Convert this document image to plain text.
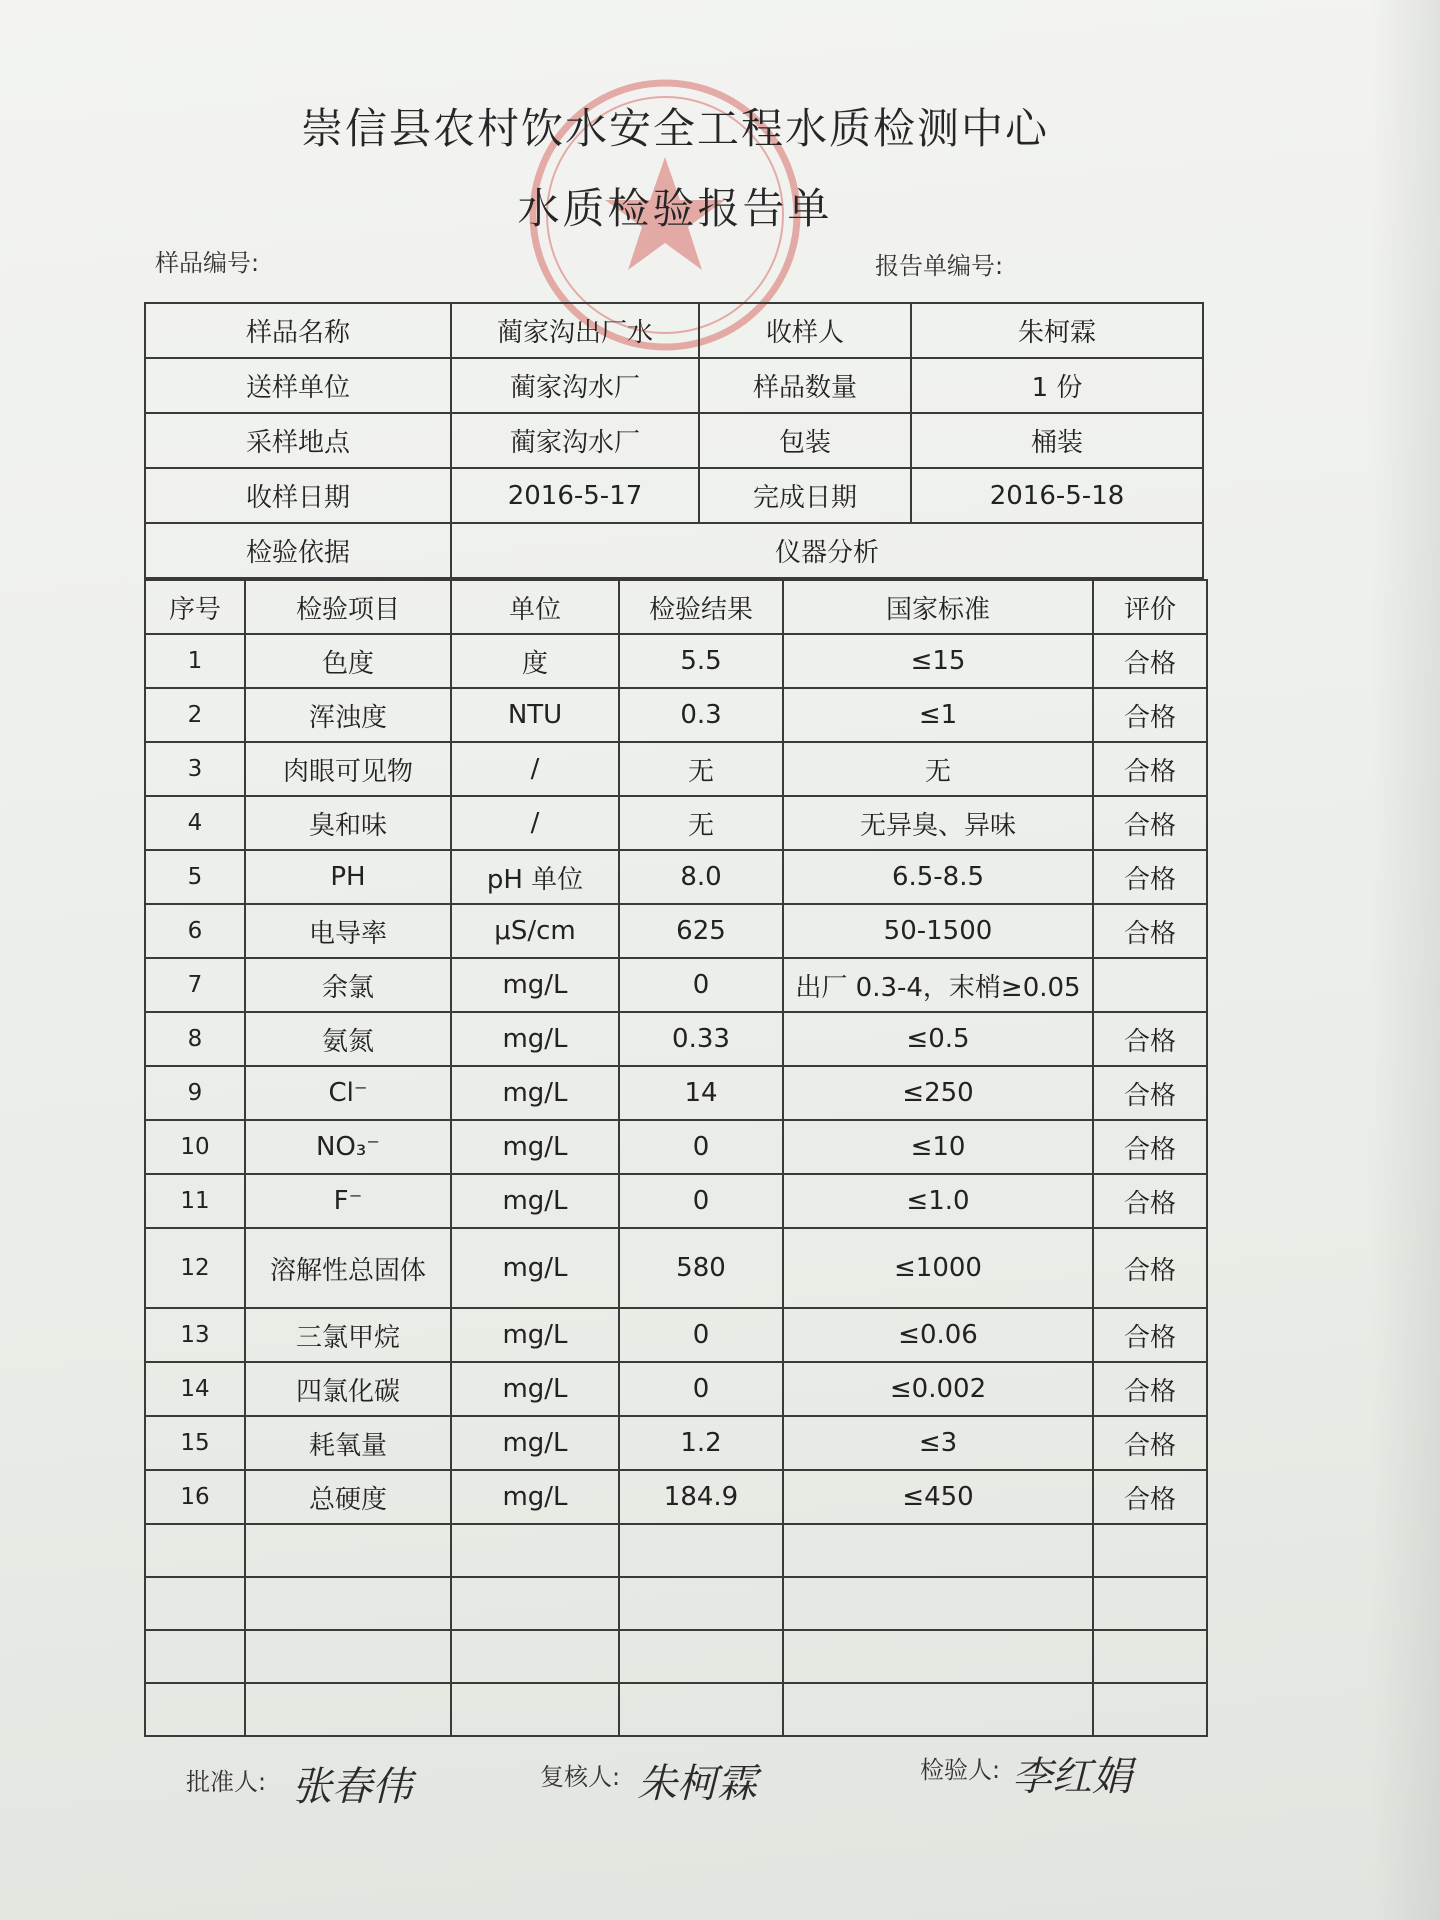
崇信县农村饮水安全工程水质检测中心
水质检验报告单
样品编号:	报告单编号:
样品名称	蔺家沟出厂水	收样人	朱柯霖
送样单位	蔺家沟水厂	样品数量	1 份
采样地点	蔺家沟水厂	包装	桶装
收样日期	2016-5-17	完成日期	2016-5-18
检验依据	仪器分析		
序号	检验项目	单位	检验结果	国家标准	评价
1	色度	度	5.5	≤15	合格
2	浑浊度	NTU	0.3	≤1	合格
3	肉眼可见物	/	无	无	合格
4	臭和味	/	无	无异臭、异味	合格
5	PH	pH 单位	8.0	6.5-8.5	合格
6	电导率	μS/cm	625	50-1500	合格
7	余氯	mg/L	0	出厂 0.3-4，末梢≥0.05	
8	氨氮	mg/L	0.33	≤0.5	合格
9	Cl⁻	mg/L	14	≤250	合格
10	NO₃⁻	mg/L	0	≤10	合格
11	F⁻	mg/L	0	≤1.0	合格
12	溶解性总固体	mg/L	580	≤1000	合格
13	三氯甲烷	mg/L	0	≤0.06	合格
14	四氯化碳	mg/L	0	≤0.002	合格
15	耗氧量	mg/L	1.2	≤3	合格
16	总硬度	mg/L	184.9	≤450	合格

批准人: 张春伟	复核人: 朱柯霖	检验人: 李红娟
